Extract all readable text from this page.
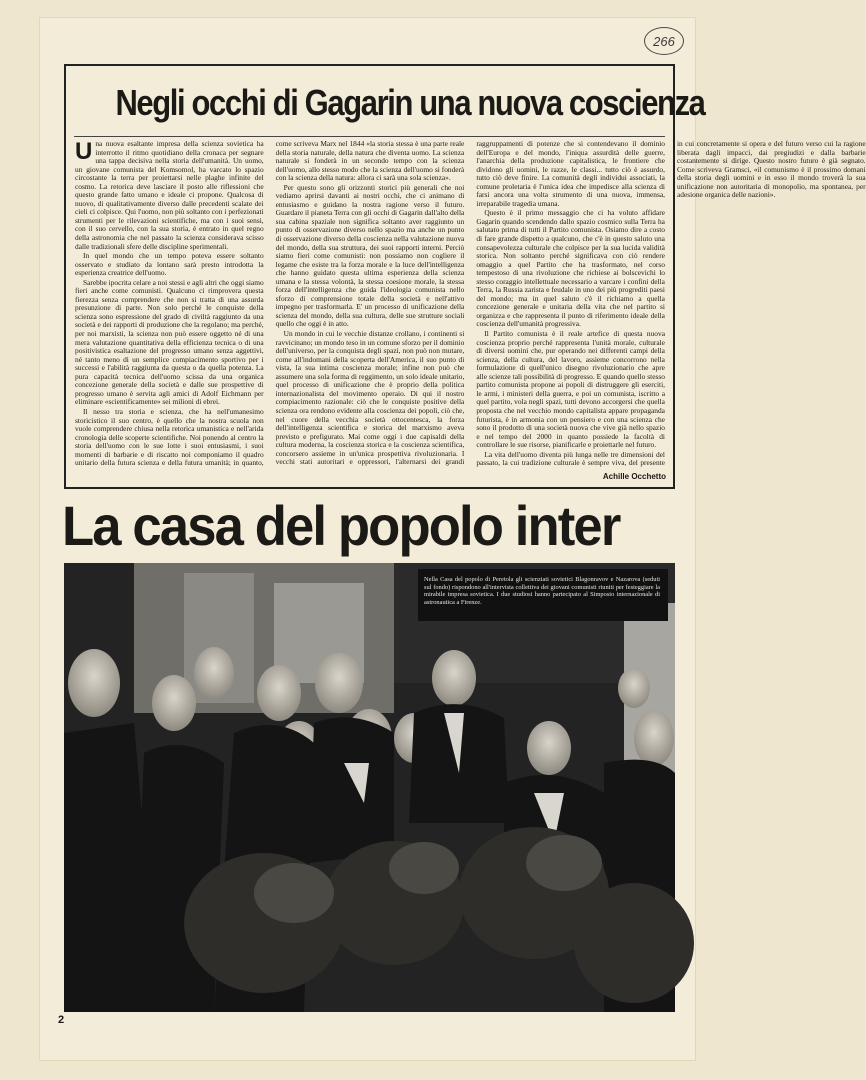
266
Negli occhi di Gagarin una nuova coscienza

Una nuova esaltante impresa della scienza sovietica ha interrotto il ritmo quotidiano della cronaca per segnare una tappa decisiva nella storia dell'umanità. Un uomo, un giovane comunista del Komsomol, ha varcato lo spazio circostante la terra per proiettarsi nelle plaghe infinite del cosmo. La retorica deve lasciare il posto alle riflessioni che questo grande fatto umano e ideale ci propone. Qualcosa di nuovo, di qualitativamente diverso dalle precedenti scalate dei cieli ci colpisce. Qui l'uomo, non più soltanto con i perfezionati strumenti per le rilevazioni scientifiche, ma con i suoi sensi, con il suo cervello, con la sua storia, è entrato in quel regno della astronomia che nel passato la scienza considerava scisso dalle tradizionali sfere delle discipline sperimentali.

In quel mondo che un tempo poteva essere soltanto osservato e studiato da lontano sarà presto introdotta la esperienza creatrice dell'uomo.

Sarebbe ipocrita celare a noi stessi e agli altri che oggi siamo fieri anche come comunisti. Qualcuno ci rimprovera questa fierezza senza comprendere che non si tratta di una assurda presunzione di parte. Non solo perché le conquiste della scienza sono espressione del grado di civiltà raggiunto da una società e dei rapporti di produzione che la regolano; ma perché, per noi marxisti, la scienza non può essere oggetto né di una mera valutazione quantitativa della efficienza tecnica o di una positivistica esaltazione del progresso umano senza aggettivi, né tanto meno di un semplice compiacimento sportivo per i successi e l'abilità raggiunta da questa o da quella potenza. La pura capacità tecnica dell'uomo scissa da una organica concezione generale della società e dalle sue prospettive di progresso umano è servita agli amici di Adolf Eichmann per eliminare «scientificamente» sei milioni di ebrei.

Il nesso tra storia e scienza, che ha nell'umanesimo storicistico il suo centro, è quello che la nostra scuola non vuole comprendere chiusa nella retorica umanistica e nell'arida cronologia delle scoperte scientifiche. Noi ponendo al centro la storia dell'uomo con le sue lotte i suoi entusiasmi, i suoi momenti di barbarie e di riscatto noi componiamo il quadro unitario della futura scienza e della futura umanità; in quanto, come scriveva Marx nel 1844 «la storia stessa è una parte reale della storia naturale, della natura che diventa uomo. La scienza naturale si fonderà in un secondo tempo con la scienza dell'uomo, allo stesso modo che la scienza dell'uomo si fonderà con la scienza della natura: allora ci sarà una sola scienza».

Per questo sono gli orizzonti storici più generali che noi vediamo aprirsi davanti ai nostri occhi, che ci animano di entusiasmo e guidano la nostra ragione verso il futuro. Guardare il pianeta Terra con gli occhi di Gagarin dall'alto della sua cabina spaziale non significa soltanto aver raggiunto un punto di osservazione diverso nello spazio ma anche un punto di osservazione diverso della coscienza nella valutazione nuova del mondo, della sua struttura, dei suoi rapporti interni. Perciò siamo fieri come comunisti: non possiamo non cogliere il legame che esiste tra la forza morale e la luce dell'intelligenza che hanno guidato questa ultima esperienza della scienza umana e la stessa volontà, la stessa coesione morale, la stessa forza dell'intelligenza che guida l'ideologia comunista nello sforzo di comprensione totale della società e nell'attivo impegno per trasformarla. E' un processo di unificazione della scienza del mondo, della sua cultura, delle sue strutture sociali quello che oggi è in atto.

Un mondo in cui le vecchie distanze crollano, i continenti si ravvicinano; un mondo teso in un comune sforzo per il dominio dell'universo, per la conquista degli spazi, non può non mutare, come all'indomani della scoperta dell'America, il suo punto di vista, la sua intima coscienza morale; infine non può che assumere una sola forma di reggimento, un solo ideale unitario, quel processo di unificazione che è proprio della politica internazionalista del movimento operaio. Di qui il nostro compiacimento razionale: ciò che le conquiste positive della scienza ora rendono evidente alla coscienza dei popoli, ciò che, nel cuore della vecchia società ottocentesca, la forza dell'intelligenza scientifica e storica del marxismo aveva previsto e prefigurato. Mai come oggi i due capisaldi della cultura moderna, la coscienza storica e la coscienza scientifica, concorsero assieme in un'unica prospettiva rivoluzionaria. I vecchi stati autoritari e oppressori, l'alternarsi dei grandi raggruppamenti di potenze che si contendevano il dominio dell'Europa e del mondo, l'iniqua assurdità delle guerre, l'anarchia della produzione capitalistica, le frontiere che dividono gli uomini, le razze, le classi... tutto ciò è assurdo, tutto ciò deve finire. La comunità degli individui associati, la comune proletaria è l'unica idea che impedisce alla scienza di farsi ancora una volta strumento di una nuova, immensa, irreparabile tragedia umana.

Questo è il primo messaggio che ci ha voluto affidare Gagarin quando scendendo dallo spazio cosmico sulla Terra ha salutato prima di tutti il Partito comunista. Osiamo dire a costo di fare grande dispetto a qualcuno, che c'è in questo saluto una consapevolezza culturale che colpisce per la sua lucida validità storica. Non soltanto perché significava con ciò rendere omaggio a quel Partito che ha trasformato, nel corso tempestoso di una rivoluzione che richiese ai bolscevichi lo stesso coraggio intellettuale necessario a varcare i confini della Terra, la Russia zarista e feudale in uno dei più progrediti paesi del mondo; ma in quel saluto c'è il richiamo a quella concezione generale e unitaria della vita che nel partito si organizza e che rappresenta il punto di riferimento ideale della coscienza dell'umanità progressiva.

Il Partito comunista è il reale artefice di questa nuova coscienza proprio perché rappresenta l'unità morale, culturale di diversi uomini che, pur operando nei differenti campi della scienza, della cultura, del lavoro, assieme concorrono nella formulazione di quell'unico disegno rivoluzionario che apre alle scienze tali possibilità di progresso. E quando quello stesso partito comunista propone ai popoli di distruggere gli eserciti, le armi, i ministeri della guerra, e poi un comunista, iscritto a quel partito, vola negli spazi, tutti devono accorgersi che quella proposta che nel vecchio mondo capitalista appare propaganda futurista, è in armonia con un pensiero e con una scienza che sono il prodotto di una società nuova che vive già nello spazio e nel tempo del 2000 in quanto possiede la facoltà di controllare le sue risorse, pianificarle e proiettarle nel futuro.

La vita dell'uomo diventa più lunga nelle tre dimensioni del passato, la cui tradizione culturale è sempre viva, del presente in cui concretamente si opera e del futuro verso cui la ragione liberata dagli impacci, dai pregiudizi e dalla barbarie costantemente si dirige. Questo nostro futuro è già segnato. Come scriveva Gramsci, «il comunismo è il prossimo domani della storia degli uomini e in esso il mondo troverà la sua unificazione non autoritaria di monopolio, ma spontanea, per adesione organica delle nazioni».

Achille Occhetto
La casa del popolo inter
Nella Casa del popolo di Peretola gli scienziati sovietici Blagonravov e Nazarova (seduti sul fondo) rispondono all'intervista collettiva dei giovani comunisti riuniti per festeggiare la mirabile impresa sovietica. I due studiosi hanno partecipato al Simposio internazionale di astronautica a Firenze.
2
